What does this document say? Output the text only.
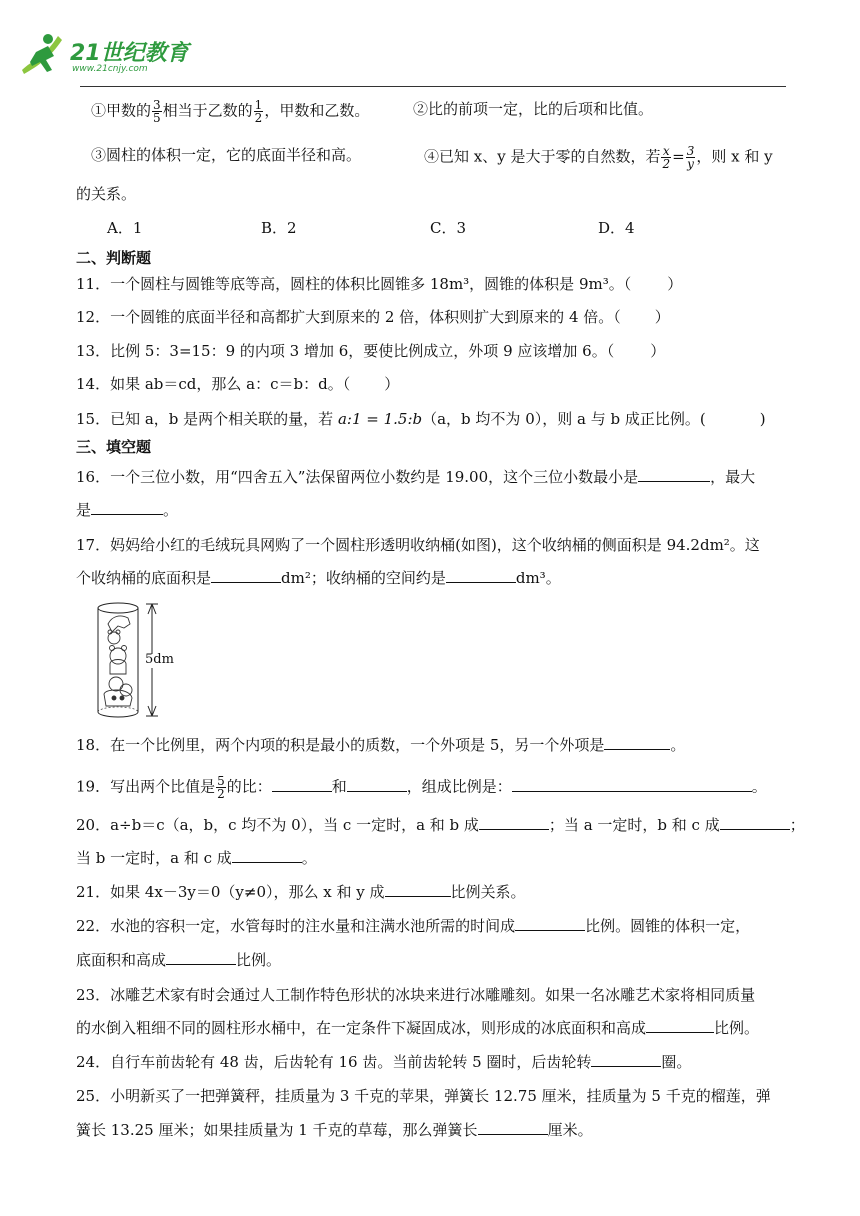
21世纪教育
www.21cnjy.com
①甲数的 $\frac{3}{5}$ 相当于乙数的 $\frac{1}{2}$ ，甲数和乙数。	②比的前项一定，比的后项和比值。
③圆柱的体积一定，它的底面半径和高。	④已知 x、y 是大于零的自然数，若 $\frac{x}{2} = \frac{3}{y}$ ，则 x 和 y
的关系。
A．1	B．2	C．3	D．4
二、判断题
11．一个圆柱与圆锥等底等高，圆柱的体积比圆锥多 18m³，圆锥的体积是 9m³。（ ）
12．一个圆锥的底面半径和高都扩大到原来的 2 倍，体积则扩大到原来的 4 倍。（ ）
13．比例 5：3=15：9 的内项 3 增加 6，要使比例成立，外项 9 应该增加 6。（ ）
14．如果 ab＝cd，那么 a：c＝b：d。（ ）
15．已知 a，b 是两个相关联的量，若 a:1 = 1.5:b（a，b 均不为 0），则 a 与 b 成正比例。(	)
三、填空题
16．一个三位小数，用“四舍五入”法保留两位小数约是 19.00，这个三位小数最小是	，最大
是	。
17．妈妈给小红的毛绒玩具网购了一个圆柱形透明收纳桶(如图)，这个收纳桶的侧面积是 94.2dm²。这
个收纳桶的底面积是	dm²；收纳桶的空间约是	dm³。
5dm
18．在一个比例里，两个内项的积是最小的质数，一个外项是 5，另一个外项是	。
19．写出两个比值是 $\frac{5}{2}$ 的比：	和	，组成比例是：	。
20．a÷b＝c（a，b，c 均不为 0），当 c 一定时，a 和 b 成	；当 a 一定时，b 和 c 成	；
当 b 一定时，a 和 c 成	。
21．如果 4x－3y＝0（y≠0），那么 x 和 y 成	比例关系。
22．水池的容积一定，水管每时的注水量和注满水池所需的时间成	比例。圆锥的体积一定，
底面积和高成	比例。
23．冰雕艺术家有时会通过人工制作特色形状的冰块来进行冰雕雕刻。如果一名冰雕艺术家将相同质量
的水倒入粗细不同的圆柱形水桶中，在一定条件下凝固成冰，则形成的冰底面积和高成	比例。
24．自行车前齿轮有 48 齿，后齿轮有 16 齿。当前齿轮转 5 圈时，后齿轮转	圈。
25．小明新买了一把弹簧秤，挂质量为 3 千克的苹果，弹簧长 12.75 厘米，挂质量为 5 千克的榴莲，弹
簧长 13.25 厘米；如果挂质量为 1 千克的草莓，那么弹簧长	厘米。
